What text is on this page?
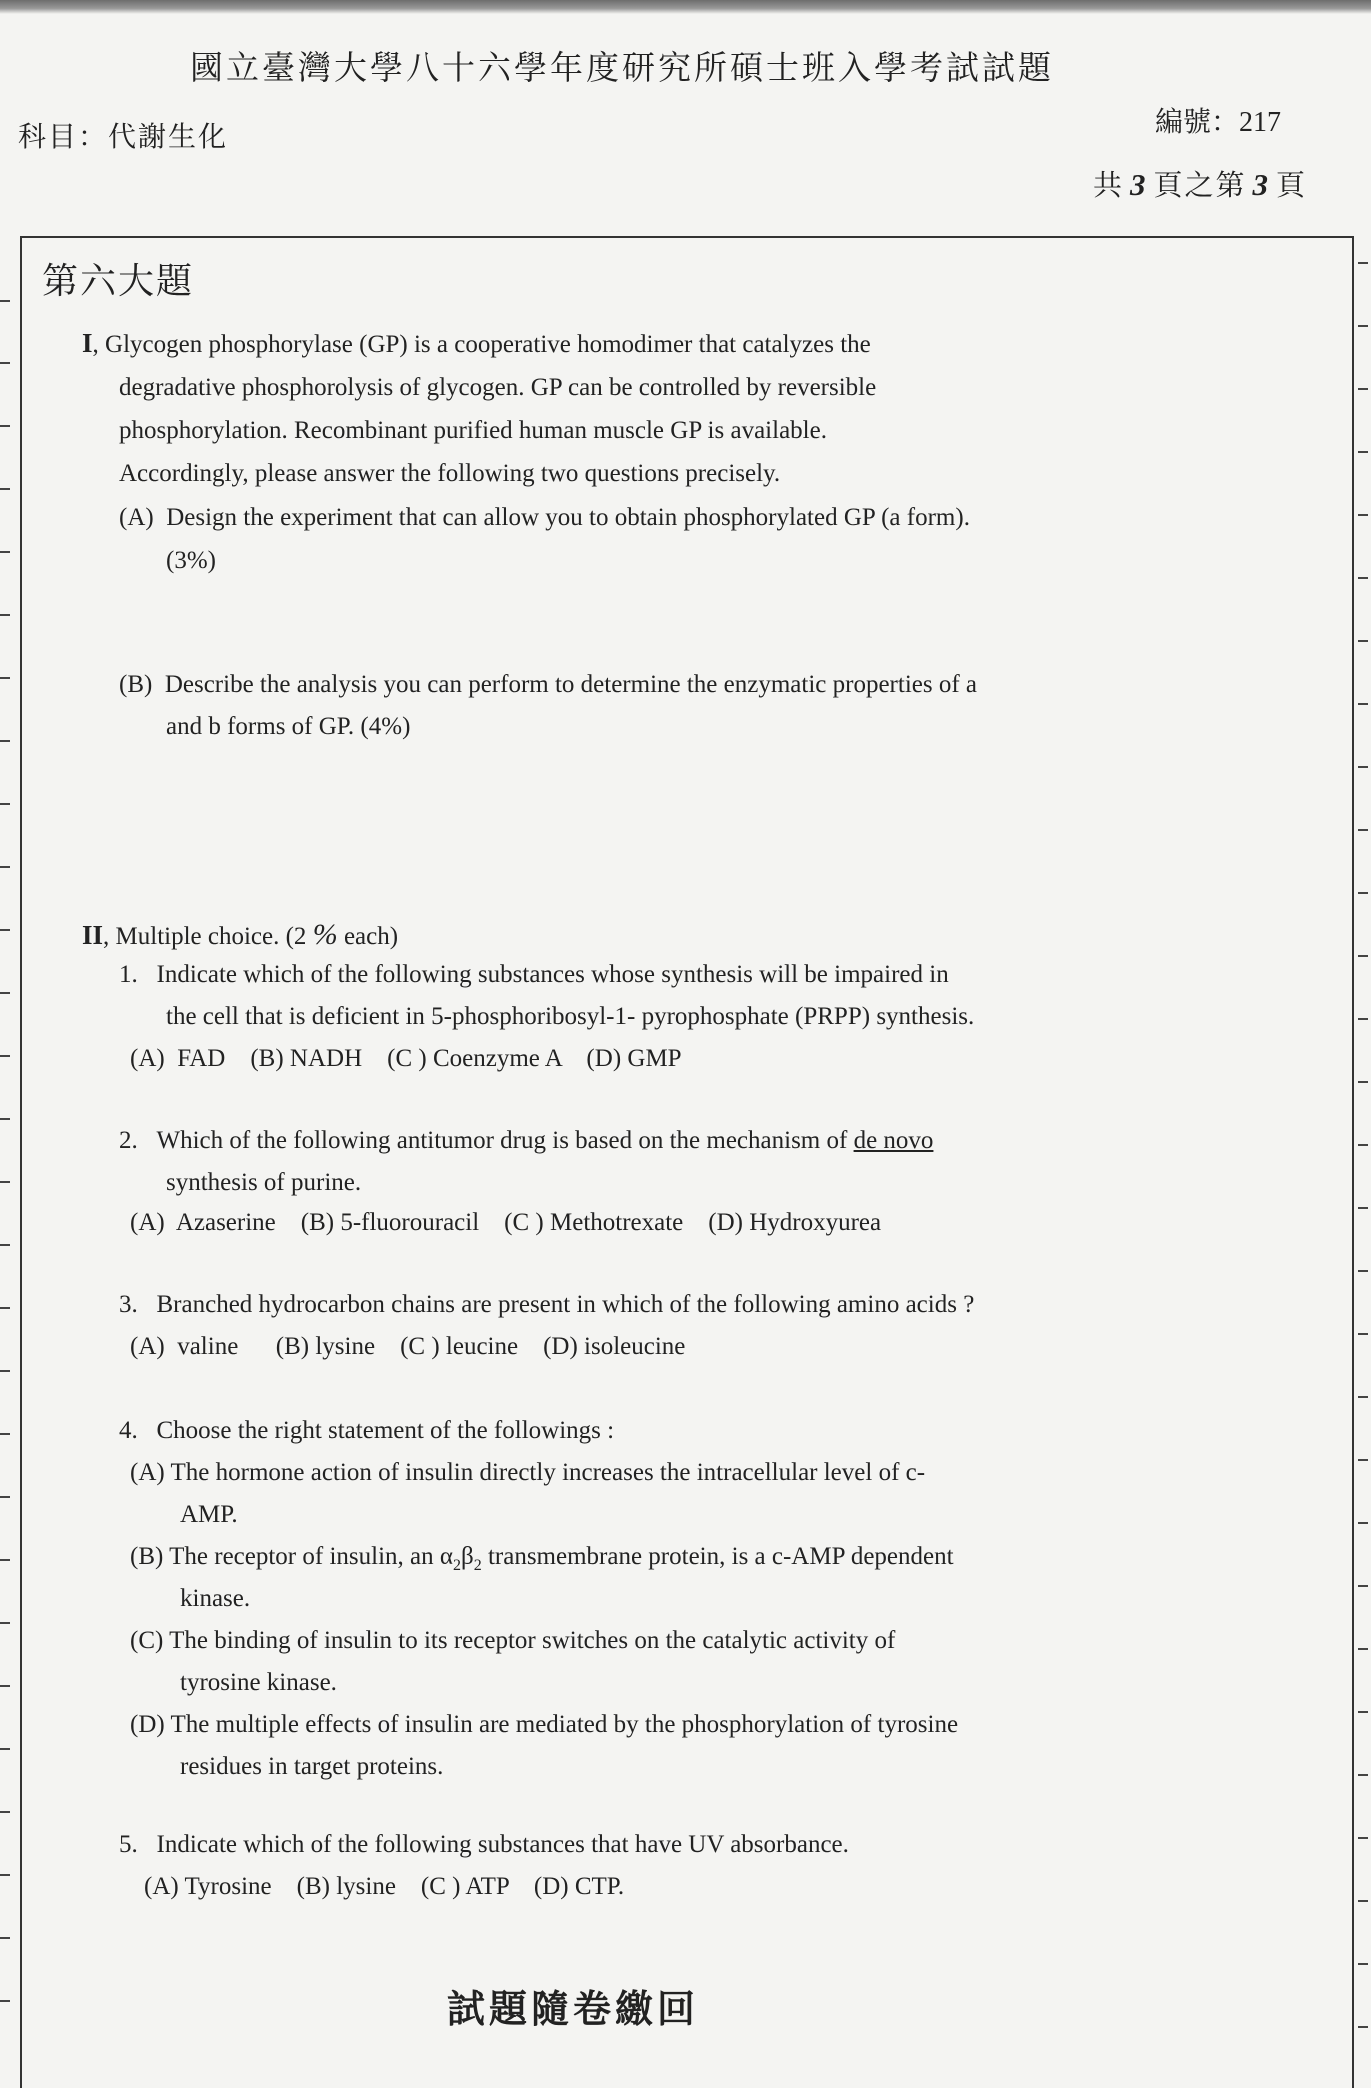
國立臺灣大學八十六學年度研究所碩士班入學考試試題
科目：代謝生化	編號：217
共 3 頁之第 3 頁
第六大題
I, Glycogen phosphorylase (GP) is a cooperative homodimer that catalyzes the
degradative phosphorolysis of glycogen. GP can be controlled by reversible
phosphorylation. Recombinant purified human muscle GP is available.
Accordingly, please answer the following two questions precisely.
(A) Design the experiment that can allow you to obtain phosphorylated GP (a form).
(3%)
(B) Describe the analysis you can perform to determine the enzymatic properties of a
and b forms of GP. (4%)
II, Multiple choice. (2 % each)
1. Indicate which of the following substances whose synthesis will be impaired in
the cell that is deficient in 5-phosphoribosyl-1- pyrophosphate (PRPP) synthesis.
(A)  FAD    (B) NADH    (C ) Coenzyme A    (D) GMP
2. Which of the following antitumor drug is based on the mechanism of de novo
synthesis of purine.
(A)  Azaserine    (B) 5-fluorouracil    (C ) Methotrexate    (D) Hydroxyurea
3. Branched hydrocarbon chains are present in which of the following amino acids ?
(A)  valine      (B) lysine    (C ) leucine    (D) isoleucine
4. Choose the right statement of the followings :
(A) The hormone action of insulin directly increases the intracellular level of c-
AMP.
(B) The receptor of insulin, an $\alpha_2\beta_2$ transmembrane protein, is a c-AMP dependent
kinase.
(C) The binding of insulin to its receptor switches on the catalytic activity of
tyrosine kinase.
(D) The multiple effects of insulin are mediated by the phosphorylation of tyrosine
residues in target proteins.
5. Indicate which of the following substances that have UV absorbance.
(A) Tyrosine    (B) lysine    (C ) ATP    (D) CTP.
試題隨卷繳回
